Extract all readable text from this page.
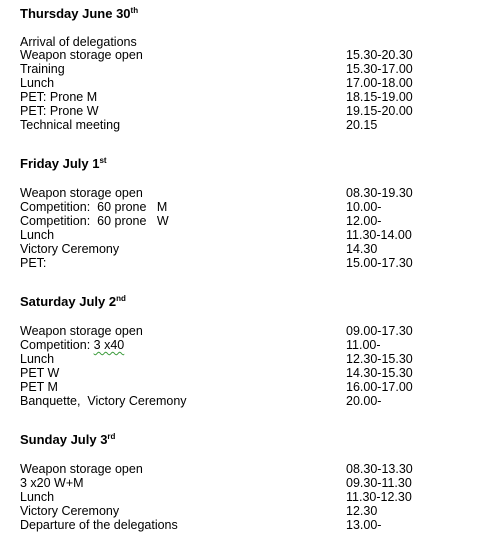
Thursday June 30th
Arrival of delegations
Weapon storage open	15.30-20.30
Training	15.30-17.00
Lunch	17.00-18.00
PET: Prone M	18.15-19.00
PET: Prone W	19.15-20.00
Technical meeting	20.15
Friday July 1st
Weapon storage open	08.30-19.30
Competition:  60 prone   M	10.00-
Competition:  60 prone   W	12.00-
Lunch	11.30-14.00
Victory Ceremony	14.30
PET:	15.00-17.30
Saturday July 2nd
Weapon storage open	09.00-17.30
Competition: 3 x40	11.00-
Lunch	12.30-15.30
PET W	14.30-15.30
PET M	16.00-17.00
Banquette,  Victory Ceremony	20.00-
Sunday July 3rd
Weapon storage open	08.30-13.30
3 x20 W+M	09.30-11.30
Lunch	11.30-12.30
Victory Ceremony	12.30
Departure of the delegations	13.00-
